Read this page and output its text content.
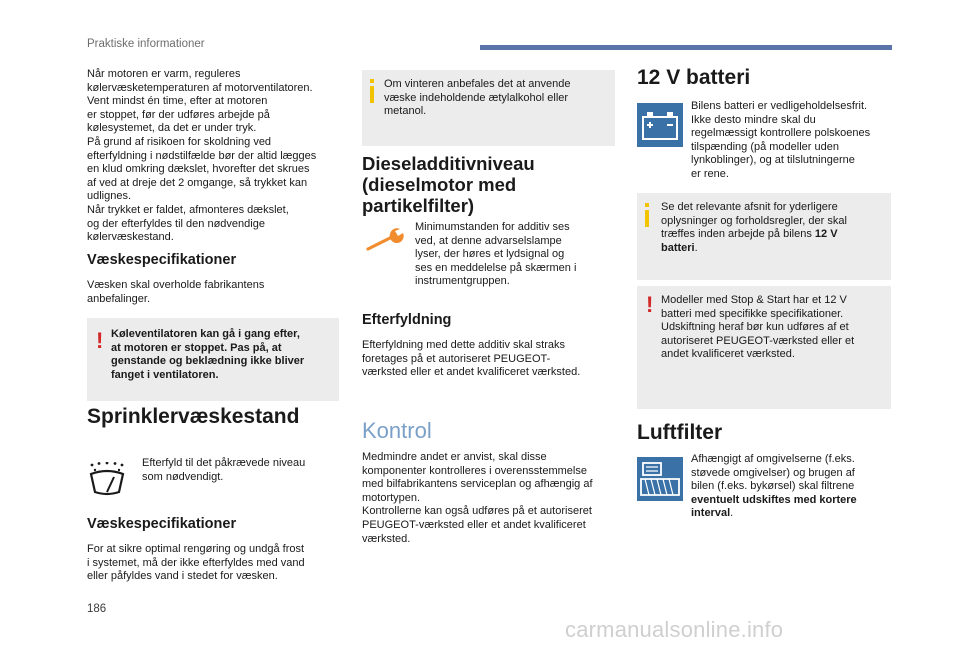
Praktiske informationer
Når motoren er varm, reguleres
kølervæsketemperaturen af motorventilatoren.
Vent mindst én time, efter at motoren
er stoppet, før der udføres arbejde på
kølesystemet, da det er under tryk.
På grund af risikoen for skoldning ved
efterfyldning i nødstilfælde bør der altid lægges
en klud omkring dækslet, hvorefter det skrues
af ved at dreje det 2 omgange, så trykket kan
udlignes.
Når trykket er faldet, afmonteres dækslet,
og der efterfyldes til den nødvendige
kølervæskestand.
Væskespecifikationer
Væsken skal overholde fabrikantens
anbefalinger.
! Køleventilatoren kan gå i gang efter,
at motoren er stoppet. Pas på, at
genstande og beklædning ikke bliver
fanget i ventilatoren.
Sprinklervæskestand
Efterfyld til det påkrævede niveau
som nødvendigt.
Væskespecifikationer
For at sikre optimal rengøring og undgå frost
i systemet, må der ikke efterfyldes med vand
eller påfyldes vand i stedet for væsken.
Om vinteren anbefales det at anvende
væske indeholdende ætylalkohol eller
metanol.
Dieseladditivniveau
(dieselmotor med
partikelfilter)
Minimumstanden for additiv ses
ved, at denne advarselslampe
lyser, der høres et lydsignal og
ses en meddelelse på skærmen i
instrumentgruppen.
Efterfyldning
Efterfyldning med dette additiv skal straks
foretages på et autoriseret PEUGEOT-
værksted eller et andet kvalificeret værksted.
Kontrol
Medmindre andet er anvist, skal disse
komponenter kontrolleres i overensstemmelse
med bilfabrikantens serviceplan og afhængig af
motortypen.
Kontrollerne kan også udføres på et autoriseret
PEUGEOT-værksted eller et andet kvalificeret
værksted.
12 V batteri
Bilens batteri er vedligeholdelsesfrit.
Ikke desto mindre skal du
regelmæssigt kontrollere polskoenes
tilspænding (på modeller uden
lynkoblinger), og at tilslutningerne
er rene.
Se det relevante afsnit for yderligere
oplysninger og forholdsregler, der skal
træffes inden arbejde på bilens 12 V
batteri.
! Modeller med Stop & Start har et 12 V
batteri med specifikke specifikationer.
Udskiftning heraf bør kun udføres af et
autoriseret PEUGEOT-værksted eller et
andet kvalificeret værksted.
Luftfilter
Afhængigt af omgivelserne (f.eks.
støvede omgivelser) og brugen af
bilen (f.eks. bykørsel) skal filtrene
eventuelt udskiftes med kortere
interval.
186
carmanualsonline.info
